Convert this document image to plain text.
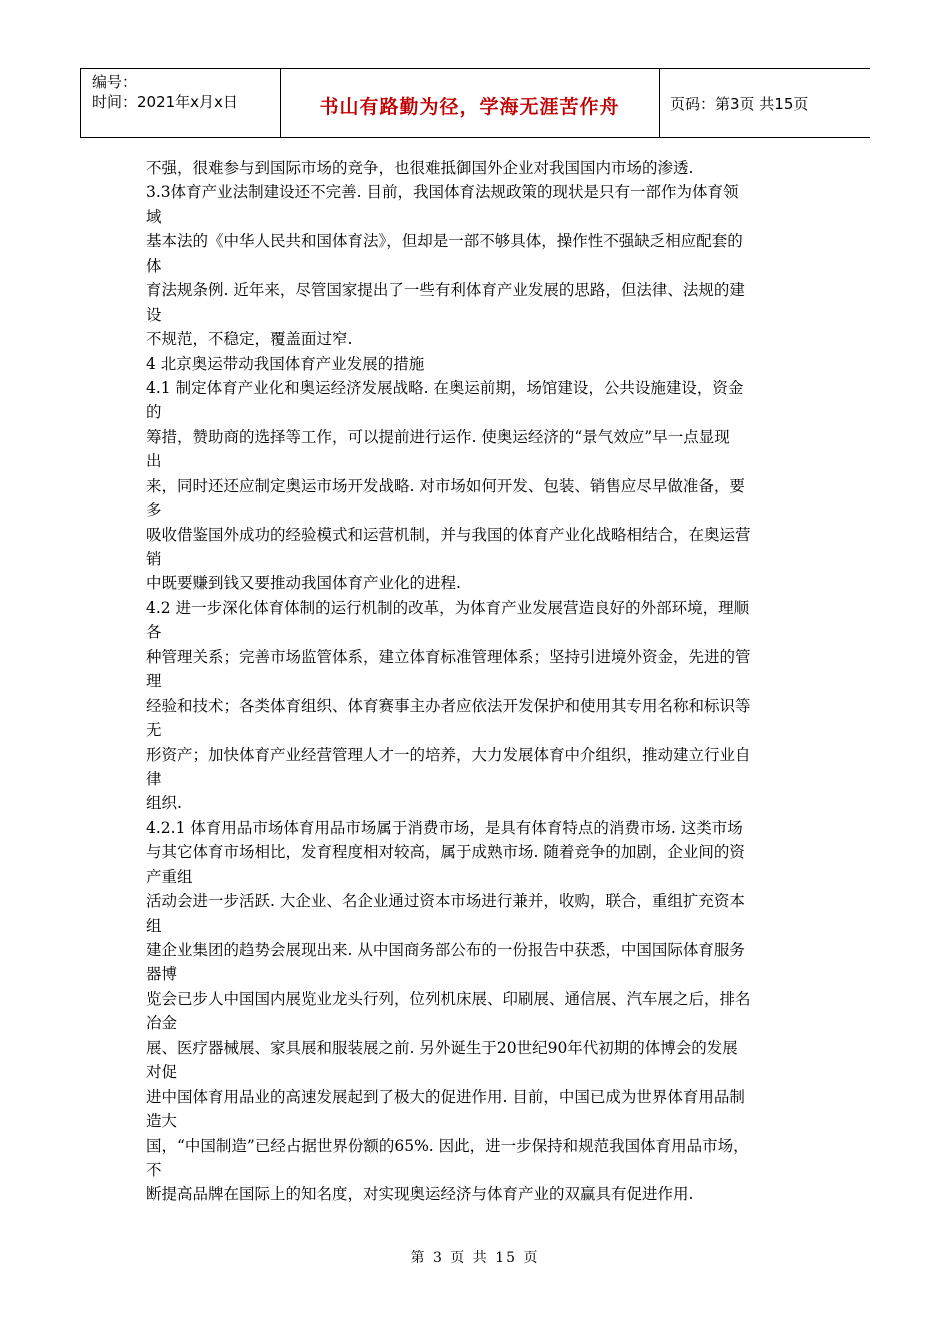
编号：
时间：2021年x月x日	书山有路勤为径，学海无涯苦作舟	页码：第3页 共15页
不强，很难参与到国际市场的竞争，也很难抵御国外企业对我国国内市场的渗透.
3.3体育产业法制建设还不完善. 目前，我国体育法规政策的现状是只有一部作为体育领
域
基本法的《中华人民共和国体育法》，但却是一部不够具体，操作性不强缺乏相应配套的
体
育法规条例. 近年来，尽管国家提出了一些有利体育产业发展的思路，但法律、法规的建
设
不规范，不稳定，覆盖面过窄.
4 北京奥运带动我国体育产业发展的措施
4.1 制定体育产业化和奥运经济发展战略. 在奥运前期，场馆建设，公共设施建设，资金
的
筹措，赞助商的选择等工作，可以提前进行运作. 使奥运经济的“景气效应”早一点显现
出
来，同时还还应制定奥运市场开发战略. 对市场如何开发、包装、销售应尽早做准备，要
多
吸收借鉴国外成功的经验模式和运营机制，并与我国的体育产业化战略相结合，在奥运营
销
中既要赚到钱又要推动我国体育产业化的进程.
4.2 进一步深化体育体制的运行机制的改革，为体育产业发展营造良好的外部环境，理顺
各
种管理关系；完善市场监管体系，建立体育标准管理体系；坚持引进境外资金，先进的管
理
经验和技术；各类体育组织、体育赛事主办者应依法开发保护和使用其专用名称和标识等
无
形资产；加快体育产业经营管理人才一的培养，大力发展体育中介组织，推动建立行业自
律
组织.
4.2.1 体育用品市场体育用品市场属于消费市场，是具有体育特点的消费市场. 这类市场
与其它体育市场相比，发育程度相对较高，属于成熟市场. 随着竞争的加剧，企业间的资
产重组
活动会进一步活跃. 大企业、名企业通过资本市场进行兼并，收购，联合，重组扩充资本
组
建企业集团的趋势会展现出来. 从中国商务部公布的一份报告中获悉，中国国际体育服务
器博
览会已步人中国国内展览业龙头行列，位列机床展、印刷展、通信展、汽车展之后，排名
冶金
展、医疗器械展、家具展和服装展之前. 另外诞生于20世纪90年代初期的体博会的发展
对促
进中国体育用品业的高速发展起到了极大的促进作用. 目前，中国已成为世界体育用品制
造大
国，“中国制造”已经占据世界份额的65%. 因此，进一步保持和规范我国体育用品市场，
不
断提高品牌在国际上的知名度，对实现奥运经济与体育产业的双赢具有促进作用.
第 3 页 共 15 页
